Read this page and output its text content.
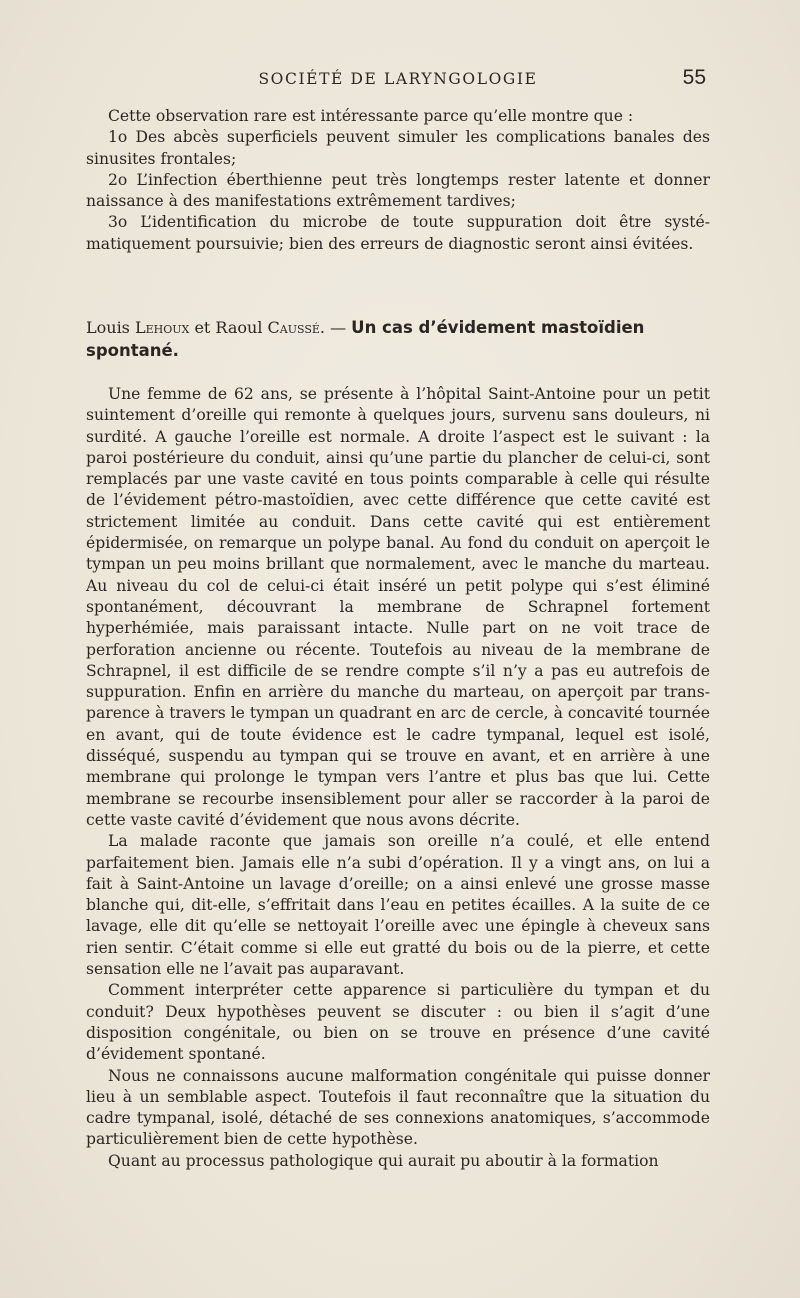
SOCIÉTÉ DE LARYNGOLOGIE	55

Cette observation rare est intéressante parce qu’elle montre que :

1o Des abcès superficiels peuvent simuler les complications banales des sinusites frontales;

2o L’infection éberthienne peut très longtemps rester latente et donner naissance à des manifestations extrêmement tardives;

3o L’identification du microbe de toute suppuration doit être systématiquement poursuivie; bien des erreurs de diagnostic seront ainsi évitées.

Louis Lehoux et Raoul Caussé. — Un cas d’évidement mastoïdien spontané.

Une femme de 62 ans, se présente à l’hôpital Saint-Antoine pour un petit suintement d’oreille qui remonte à quelques jours, survenu sans douleurs, ni surdité. A gauche l’oreille est normale. A droite l’aspect est le suivant : la paroi postérieure du conduit, ainsi qu’une partie du plancher de celui-ci, sont remplacés par une vaste cavité en tous points comparable à celle qui résulte de l’évidement pétro-mastoïdien, avec cette différence que cette cavité est strictement limitée au conduit. Dans cette cavité qui est entièrement épidermisée, on remarque un polype banal. Au fond du conduit on aperçoit le tympan un peu moins brillant que normalement, avec le manche du marteau. Au niveau du col de celui-ci était inséré un petit polype qui s’est éliminé spontanément, découvrant la membrane de Schrapnel fortement hyperhémiée, mais paraissant intacte. Nulle part on ne voit trace de perforation ancienne ou récente. Toutefois au niveau de la membrane de Schrapnel, il est difficile de se rendre compte s’il n’y a pas eu autrefois de suppuration. Enfin en arrière du manche du marteau, on aperçoit par transparence à travers le tympan un quadrant en arc de cercle, à concavité tournée en avant, qui de toute évidence est le cadre tympanal, lequel est isolé, disséqué, suspendu au tympan qui se trouve en avant, et en arrière à une membrane qui prolonge le tympan vers l’antre et plus bas que lui. Cette membrane se recourbe insensiblement pour aller se raccorder à la paroi de cette vaste cavité d’évidement que nous avons décrite.

La malade raconte que jamais son oreille n’a coulé, et elle entend parfaitement bien. Jamais elle n’a subi d’opération. Il y a vingt ans, on lui a fait à Saint-Antoine un lavage d’oreille; on a ainsi enlevé une grosse masse blanche qui, dit-elle, s’effritait dans l’eau en petites écailles. A la suite de ce lavage, elle dit qu’elle se nettoyait l’oreille avec une épingle à cheveux sans rien sentir. C’était comme si elle eut gratté du bois ou de la pierre, et cette sensation elle ne l’avait pas auparavant.

Comment interpréter cette apparence si particulière du tympan et du conduit? Deux hypothèses peuvent se discuter : ou bien il s’agit d’une disposition congénitale, ou bien on se trouve en présence d’une cavité d’évidement spontané.

Nous ne connaissons aucune malformation congénitale qui puisse donner lieu à un semblable aspect. Toutefois il faut reconnaître que la situation du cadre tympanal, isolé, détaché de ses connexions anatomiques, s’accommode particulièrement bien de cette hypothèse.

Quant au processus pathologique qui aurait pu aboutir à la formation
